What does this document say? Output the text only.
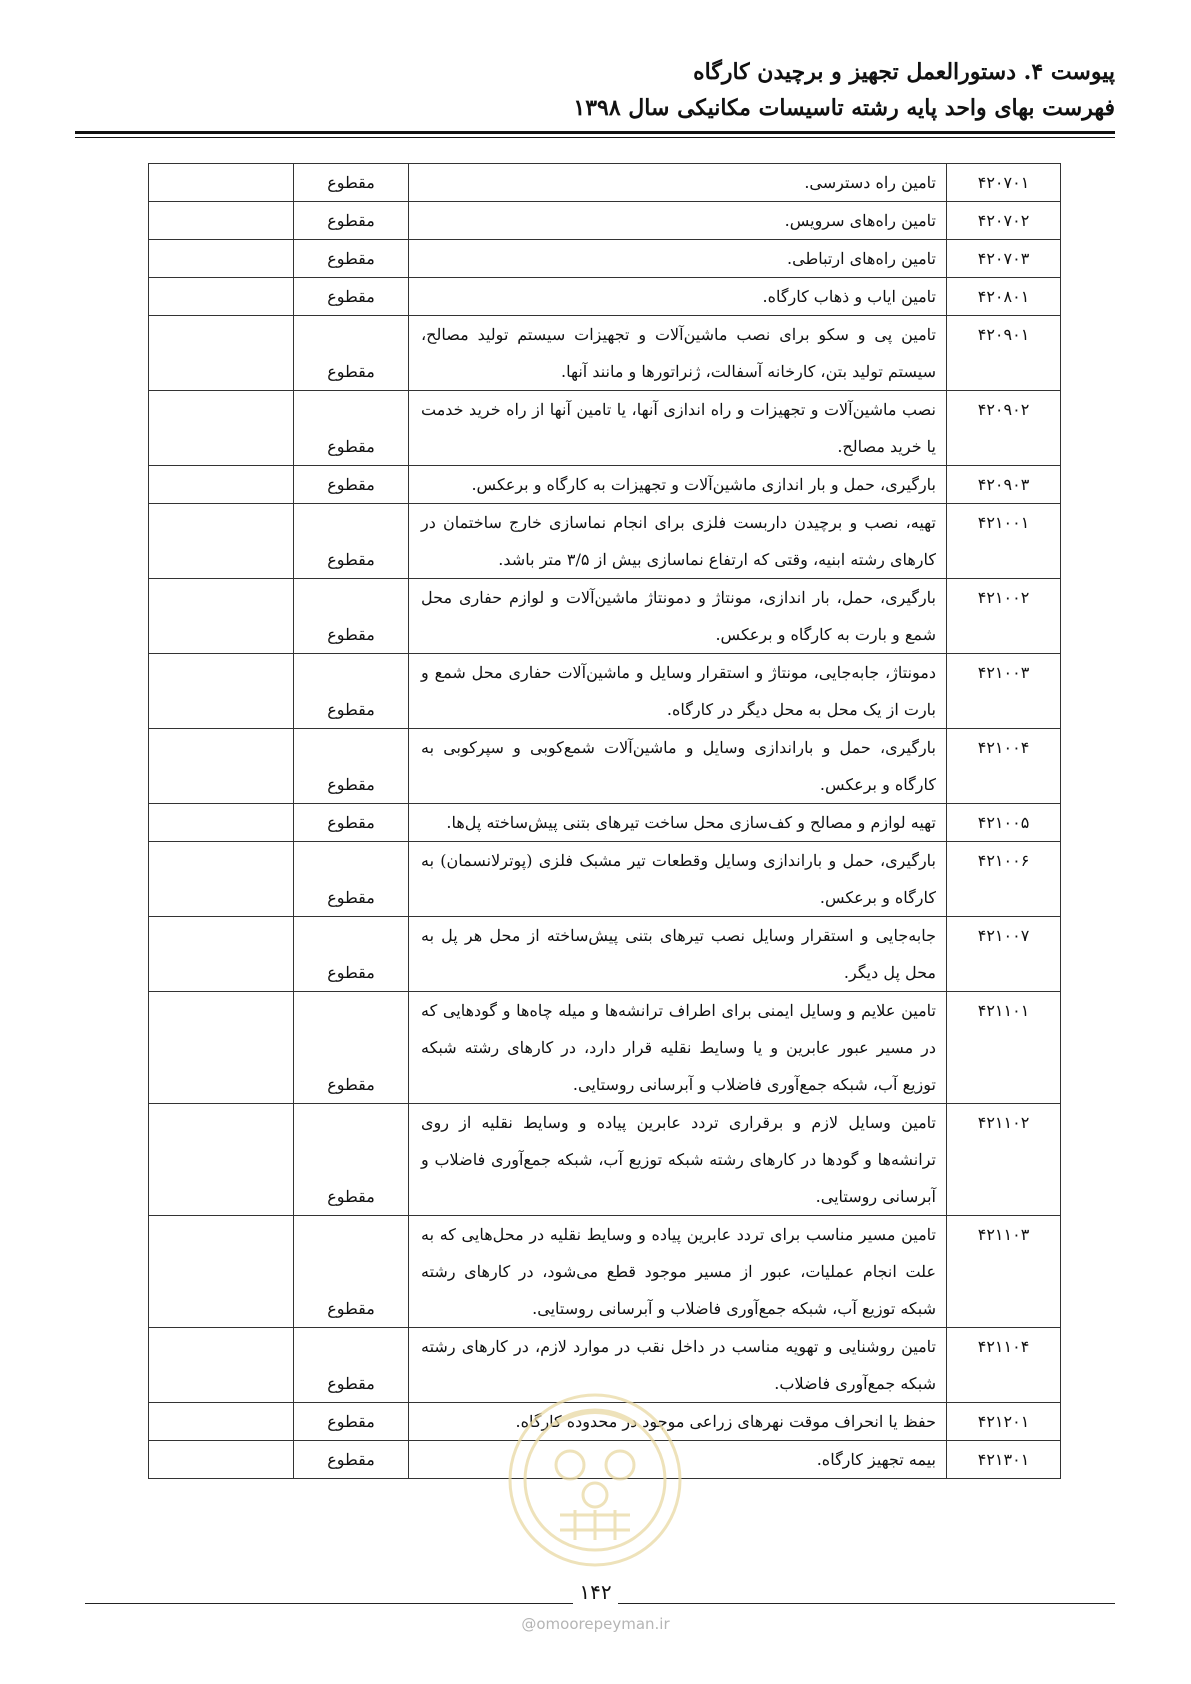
پیوست ۴. دستورالعمل تجهیز و برچیدن کارگاه
فهرست بهای واحد پایه رشته تاسیسات مکانیکی سال ۱۳۹۸
۴۲۰۷۰۱	تامین راه دسترسی.	مقطوع	
۴۲۰۷۰۲	تامین راه‌های سرویس.	مقطوع	
۴۲۰۷۰۳	تامین راه‌های ارتباطی.	مقطوع	
۴۲۰۸۰۱	تامین ایاب و ذهاب کارگاه.	مقطوع	
۴۲۰۹۰۱	تامین پی و سکو برای نصب ماشین‌آلات و تجهیزات سیستم تولید مصالح، سیستم تولید بتن، کارخانه آسفالت، ژنراتورها و مانند آنها.	مقطوع	
۴۲۰۹۰۲	نصب ماشین‌آلات و تجهیزات و راه اندازی آنها، یا تامین آنها از راه خرید خدمت یا خرید مصالح.	مقطوع	
۴۲۰۹۰۳	بارگیری، حمل و بار اندازی ماشین‌آلات و تجهیزات به کارگاه و برعکس.	مقطوع	
۴۲۱۰۰۱	تهیه، نصب و برچیدن داربست فلزی برای انجام نماسازی خارج ساختمان در کارهای رشته ابنیه، وقتی که ارتفاع نماسازی بیش از ۳/۵ متر باشد.	مقطوع	
۴۲۱۰۰۲	بارگیری، حمل، بار اندازی، مونتاژ و دمونتاژ ماشین‌آلات و لوازم حفاری محل شمع و بارت به کارگاه و برعکس.	مقطوع	
۴۲۱۰۰۳	دمونتاژ، جابه‌جایی، مونتاژ و استقرار وسایل و ماشین‌آلات حفاری محل شمع و بارت از یک محل به محل دیگر در کارگاه.	مقطوع	
۴۲۱۰۰۴	بارگیری، حمل و باراندازی وسایل و ماشین‌آلات شمع‌کوبی و سپرکوبی به کارگاه و برعکس.	مقطوع	
۴۲۱۰۰۵	تهیه لوازم و مصالح و کف‌سازی محل ساخت تیرهای بتنی پیش‌ساخته پل‌ها.	مقطوع	
۴۲۱۰۰۶	بارگیری، حمل و باراندازی وسایل وقطعات تیر مشبک فلزی (پوترلانسمان) به کارگاه و برعکس.	مقطوع	
۴۲۱۰۰۷	جابه‌جایی و استقرار وسایل نصب تیرهای بتنی پیش‌ساخته از محل هر پل به محل پل دیگر.	مقطوع	
۴۲۱۱۰۱	تامین علایم و وسایل ایمنی برای اطراف ترانشه‌ها و میله چاه‌ها و گودهایی که در مسیر عبور عابرین و یا وسایط نقلیه قرار دارد، در کارهای رشته شبکه توزیع آب، شبکه جمع‌آوری فاضلاب و آبرسانی روستایی.	مقطوع	
۴۲۱۱۰۲	تامین وسایل لازم و برقراری تردد عابرین پیاده و وسایط نقلیه از روی ترانشه‌ها و گودها در کارهای رشته شبکه توزیع آب، شبکه جمع‌آوری فاضلاب و آبرسانی روستایی.	مقطوع	
۴۲۱۱۰۳	تامین مسیر مناسب برای تردد عابرین پیاده و وسایط نقلیه در محل‌هایی که به علت انجام عملیات، عبور از مسیر موجود قطع می‌شود، در کارهای رشته شبکه توزیع آب، شبکه جمع‌آوری فاضلاب و آبرسانی روستایی.	مقطوع	
۴۲۱۱۰۴	تامین روشنایی و تهویه مناسب در داخل نقب در موارد لازم، در کارهای رشته شبکه جمع‌آوری فاضلاب.	مقطوع	
۴۲۱۲۰۱	حفظ یا انحراف موقت نهرهای زراعی موجود در محدوده کارگاه.	مقطوع	
۴۲۱۳۰۱	بیمه تجهیز کارگاه.	مقطوع	
۱۴۲
@omoorepeyman.ir
